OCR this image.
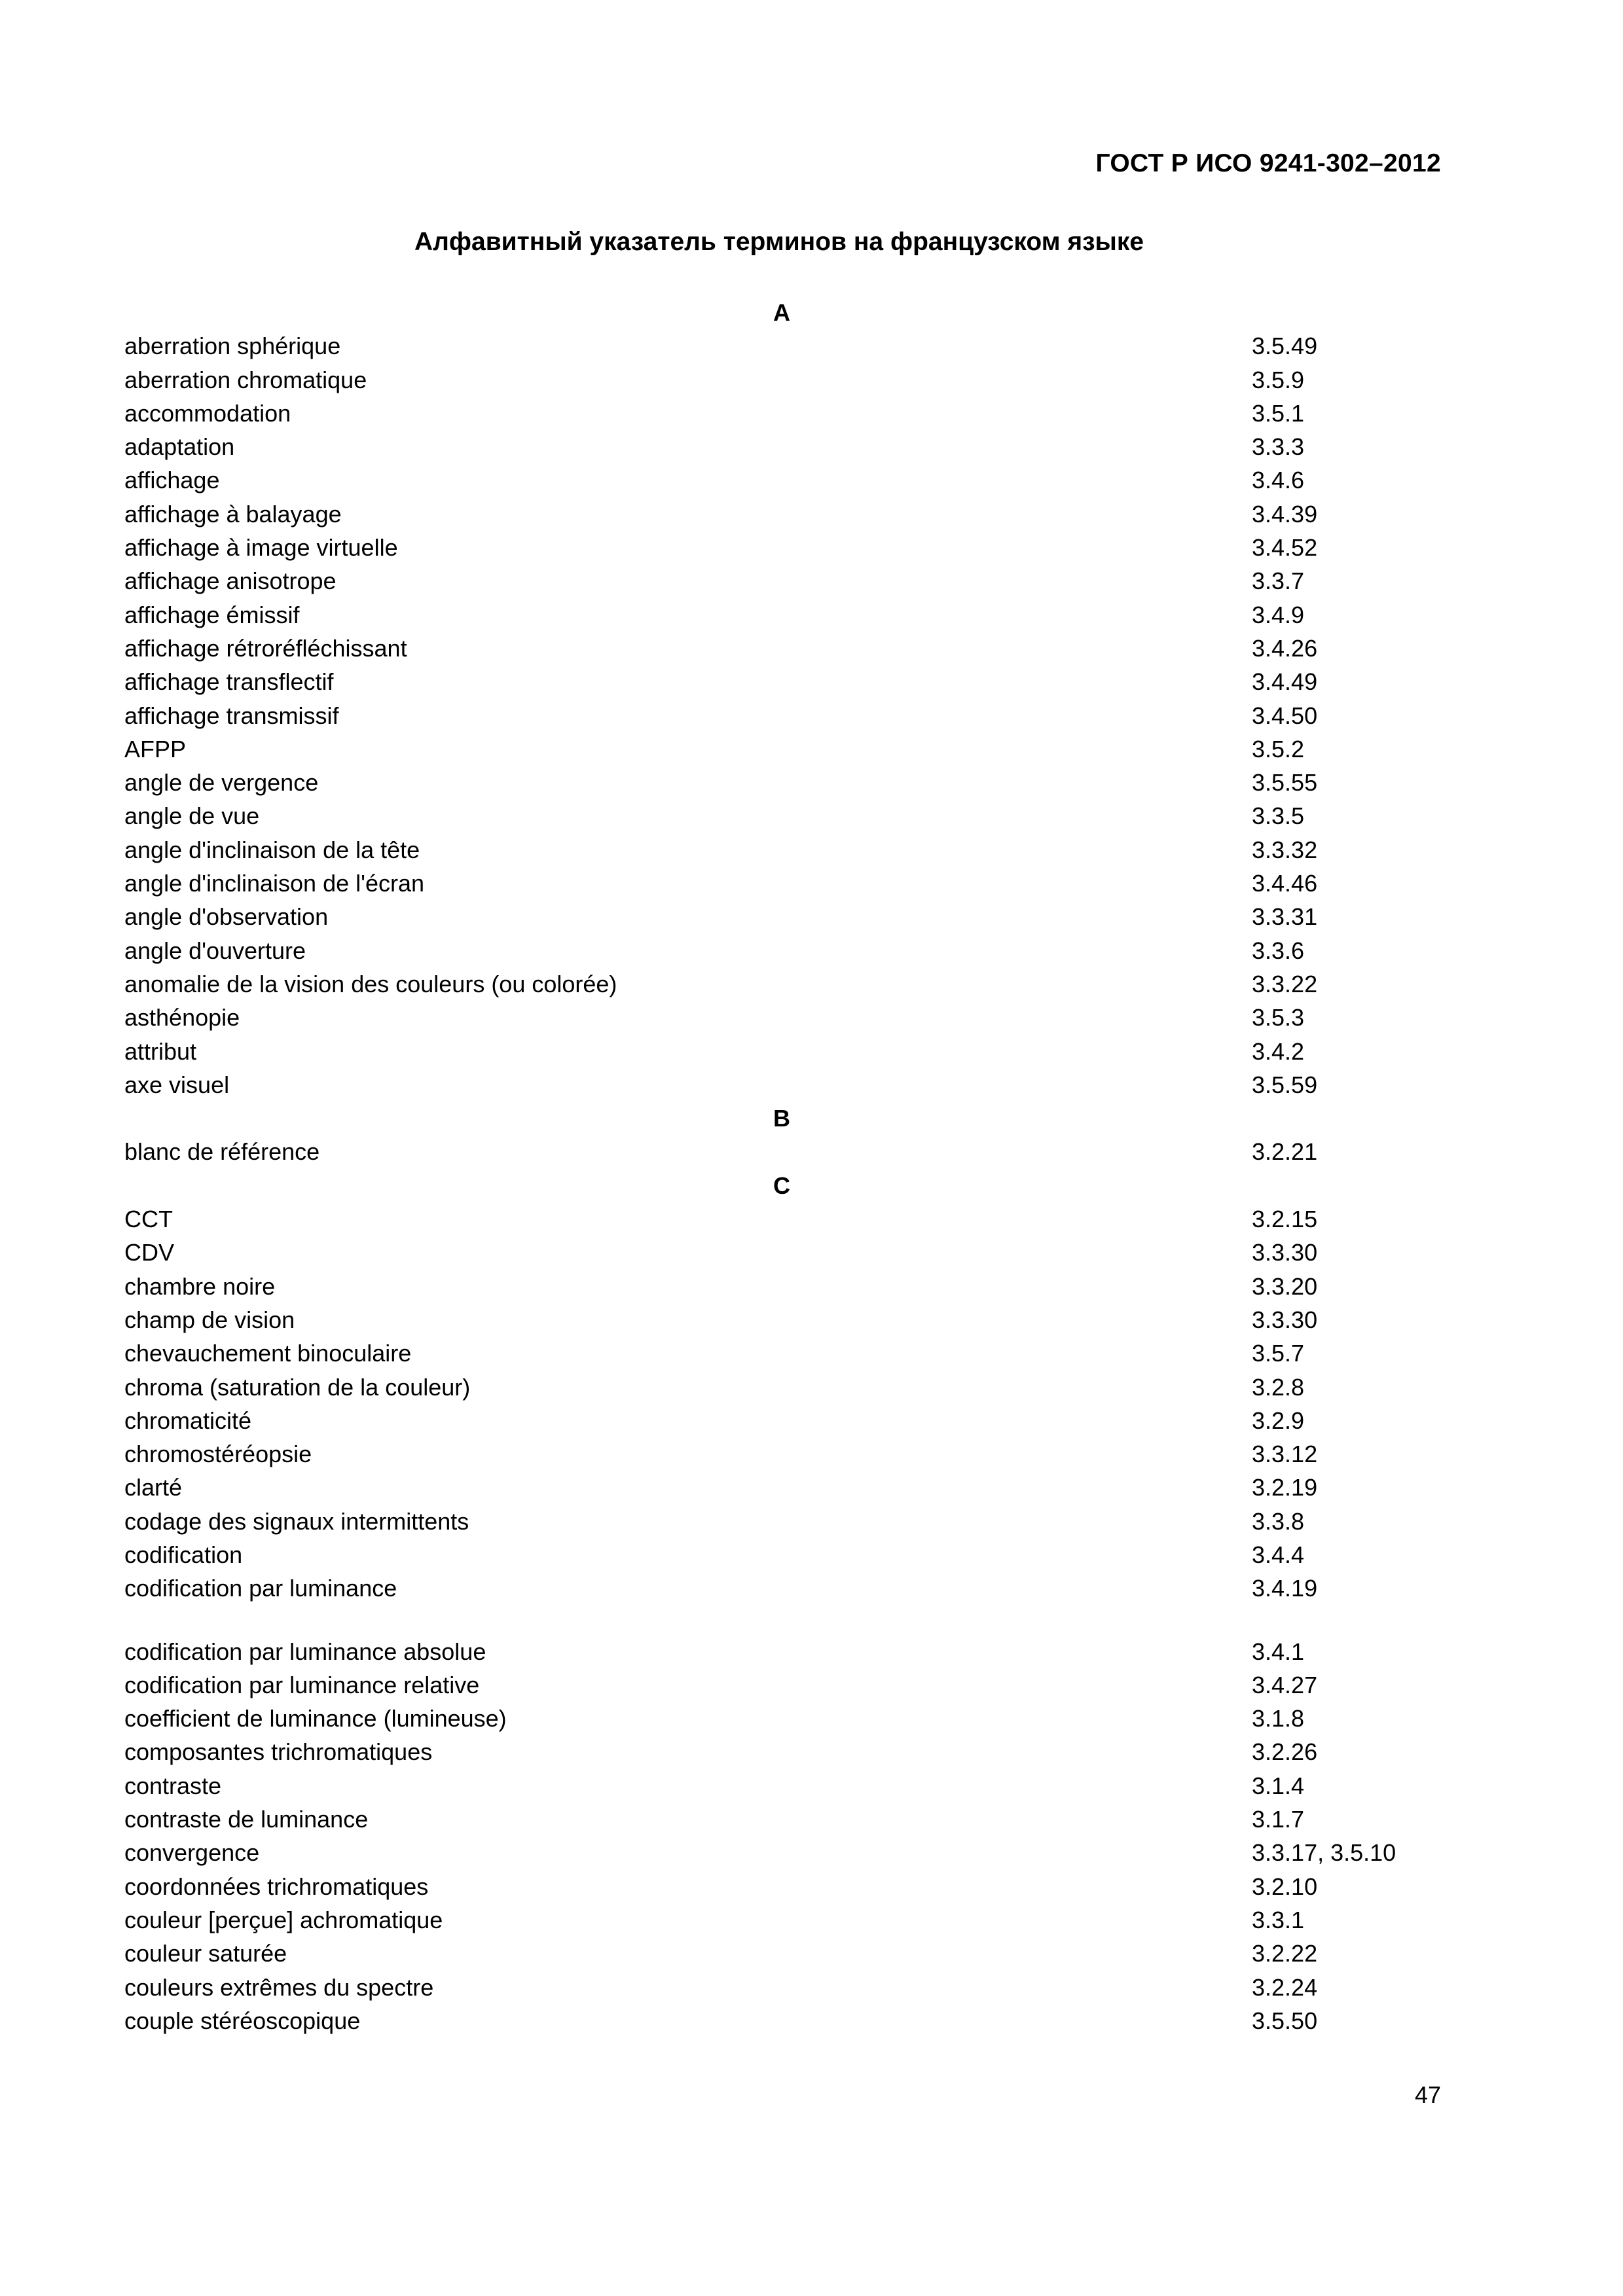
ГОСТ Р ИСО 9241-302–2012
Алфавитный указатель терминов на французском языке
A
aberration sphérique	3.5.49
aberration chromatique	3.5.9
accommodation	3.5.1
adaptation	3.3.3
affichage	3.4.6
affichage à balayage	3.4.39
affichage à image virtuelle	3.4.52
affichage anisotrope	3.3.7
affichage émissif	3.4.9
affichage rétroréfléchissant	3.4.26
affichage transflectif	3.4.49
affichage transmissif	3.4.50
AFPP	3.5.2
angle de vergence	3.5.55
angle de vue	3.3.5
angle d'inclinaison de la tête	3.3.32
angle d'inclinaison de l'écran	3.4.46
angle d'observation	3.3.31
angle d'ouverture	3.3.6
anomalie de la vision des couleurs (ou colorée)	3.3.22
asthénopie	3.5.3
attribut	3.4.2
axe visuel	3.5.59
B
blanc de référence	3.2.21
C
CCT	3.2.15
CDV	3.3.30
chambre noire	3.3.20
champ de vision	3.3.30
chevauchement binoculaire	3.5.7
chroma (saturation de la couleur)	3.2.8
chromaticité	3.2.9
chromostéréopsie	3.3.12
clarté	3.2.19
codage des signaux intermittents	3.3.8
codification	3.4.4
codification par luminance	3.4.19
codification par luminance absolue	3.4.1
codification par luminance relative	3.4.27
coefficient de luminance (lumineuse)	3.1.8
composantes trichromatiques	3.2.26
contraste	3.1.4
contraste de luminance	3.1.7
convergence	3.3.17, 3.5.10
coordonnées trichromatiques	3.2.10
couleur [perçue] achromatique	3.3.1
couleur saturée	3.2.22
couleurs extrêmes du spectre	3.2.24
couple stéréoscopique	3.5.50
47
